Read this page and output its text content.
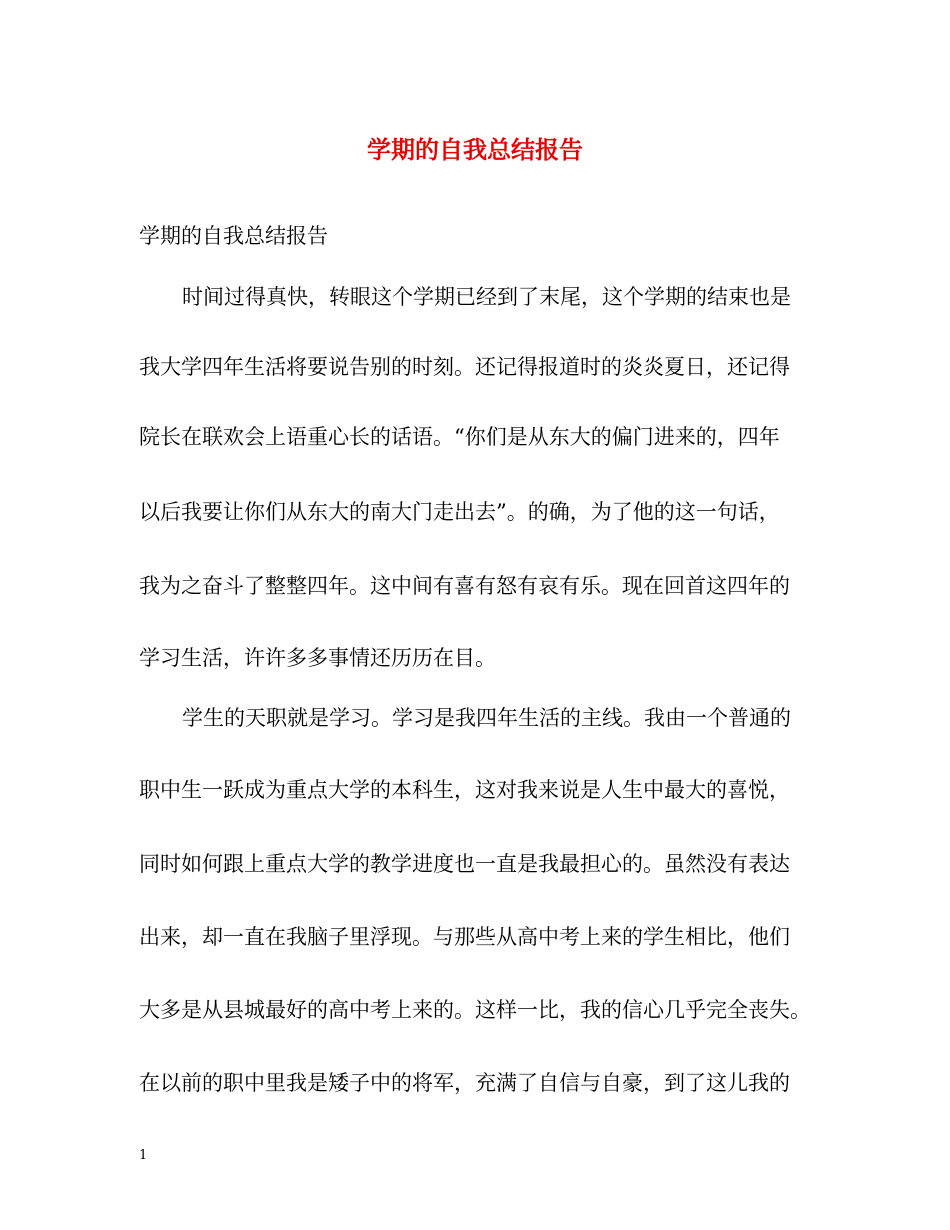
学期的自我总结报告
学期的自我总结报告
时间过得真快，转眼这个学期已经到了末尾，这个学期的结束也是
我大学四年生活将要说告别的时刻。还记得报道时的炎炎夏日，还记得
院长在联欢会上语重心长的话语。“你们是从东大的偏门进来的，四年
以后我要让你们从东大的南大门走出去”。的确，为了他的这一句话，
我为之奋斗了整整四年。这中间有喜有怒有哀有乐。现在回首这四年的
学习生活，许许多多事情还历历在目。
学生的天职就是学习。学习是我四年生活的主线。我由一个普通的
职中生一跃成为重点大学的本科生，这对我来说是人生中最大的喜悦，
同时如何跟上重点大学的教学进度也一直是我最担心的。虽然没有表达
出来，却一直在我脑子里浮现。与那些从高中考上来的学生相比，他们
大多是从县城最好的高中考上来的。这样一比，我的信心几乎完全丧失。
在以前的职中里我是矮子中的将军，充满了自信与自豪，到了这儿我的
1
